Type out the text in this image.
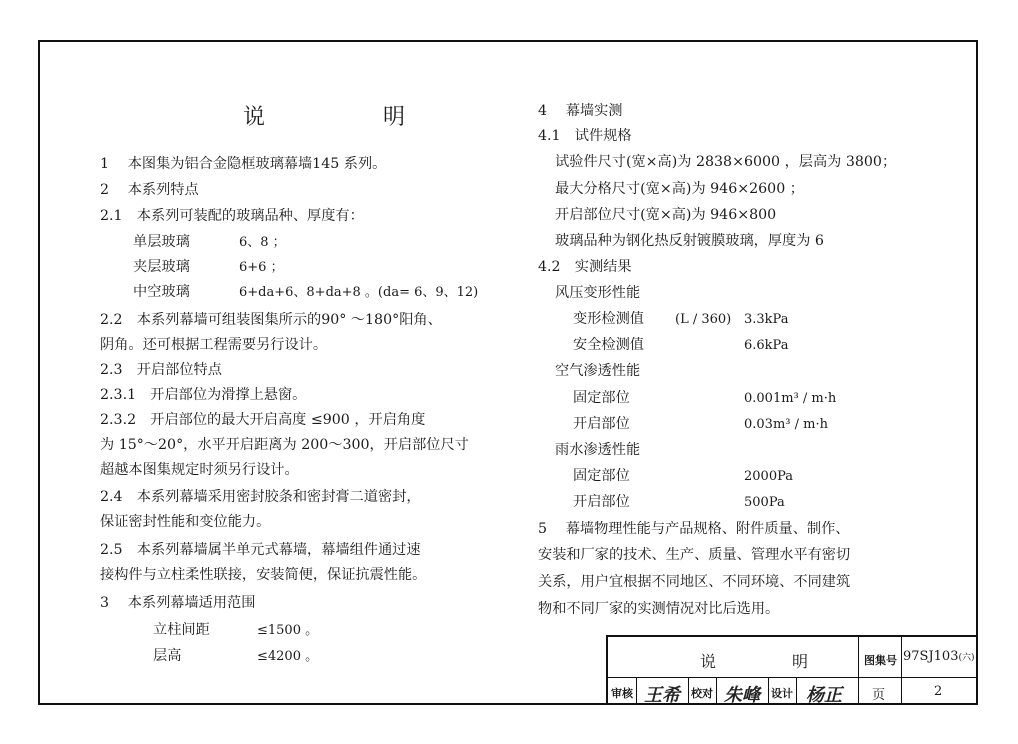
说　明
1　 本图集为铝合金隐框玻璃幕墙145 系列。
2　 本系列特点
2.1　本系列可装配的玻璃品种、厚度有：
单层玻璃	6、8 ；
夹层玻璃	6+6 ；
中空玻璃	6+da+6、8+da+8 。(da= 6、9、12)
2.2　本系列幕墙可组装图集所示的90° ～180°阳角、
阴角。还可根据工程需要另行设计。
2.3　开启部位特点
2.3.1　开启部位为滑撑上悬窗。
2.3.2　开启部位的最大开启高度 ≤900 ，开启角度
为 15°～20°，水平开启距离为 200～300，开启部位尺寸
超越本图集规定时须另行设计。
2.4　本系列幕墙采用密封胶条和密封膏二道密封，
保证密封性能和变位能力。
2.5　本系列幕墙属半单元式幕墙，幕墙组件通过速
接构件与立柱柔性联接，安装简便，保证抗震性能。
3　 本系列幕墙适用范围
立柱间距	≤1500 。
层高	≤4200 。
4　 幕墙实测
4.1　试件规格
试验件尺寸(宽×高)为 2838×6000 ，层高为 3800；
最大分格尺寸(宽×高)为 946×2600 ；
开启部位尺寸(宽×高)为 946×800
玻璃品种为钢化热反射镀膜玻璃，厚度为 6
4.2　实测结果
风压变形性能
变形检测值 (L / 360) 3.3kPa
安全检测值	6.6kPa
空气渗透性能
固定部位	0.001m³ / m·h
开启部位	0.03m³ / m·h
雨水渗透性能
固定部位	2000Pa
开启部位	500Pa
5　 幕墙物理性能与产品规格、附件质量、制作、
安装和厂家的技术、生产、质量、管理水平有密切
关系，用户宜根据不同地区、不同环境、不同建筑
物和不同厂家的实测情况对比后选用。
说	明	图集号 97SJ103(六)
审核 王希 校对 朱峰 设计 杨正 页	2
